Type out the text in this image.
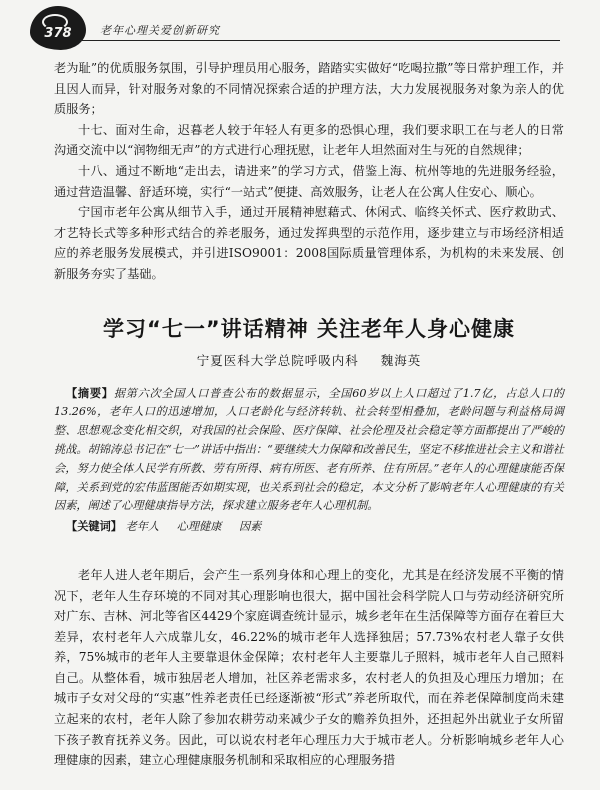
378	老年心理关爱创新研究

老为耻”的优质服务氛围，引导护理员用心服务，踏踏实实做好“吃喝拉撒”等日常护理工作，并且因人而异，针对服务对象的不同情况探索合适的护理方法，大力发展视服务对象为亲人的优质服务；

十七、面对生命，迟暮老人较于年轻人有更多的恐惧心理，我们要求职工在与老人的日常沟通交流中以“润物细无声”的方式进行心理抚慰，让老年人坦然面对生与死的自然规律；

十八、通过不断地“走出去，请进来”的学习方式，借鉴上海、杭州等地的先进服务经验，通过营造温馨、舒适环境，实行“一站式”便捷、高效服务，让老人在公寓人住安心、顺心。

宁国市老年公寓从细节入手，通过开展精神慰藉式、休闲式、临终关怀式、医疗救助式、才艺特长式等多种形式结合的养老服务，通过发挥典型的示范作用，逐步建立与市场经济相适应的养老服务发展模式，并引进ISO9001：2008国际质量管理体系，为机构的未来发展、创新服务夯实了基础。

学习“七一”讲话精神 关注老年人身心健康
宁夏医科大学总院呼吸内科 魏海英
【摘要】据第六次全国人口普查公布的数据显示，全国60岁以上人口超过了1.7亿，占总人口的13.26%，老年人口的迅速增加，人口老龄化与经济转轨、社会转型相叠加，老龄问题与利益格局调整、思想观念变化相交织，对我国的社会保险、医疗保障、社会伦理及社会稳定等方面都提出了严峻的挑战。胡锦涛总书记在“七一”讲话中指出：“要继续大力保障和改善民生，坚定不移推进社会主义和谐社会，努力使全体人民学有所教、劳有所得、病有所医、老有所养、住有所居。”老年人的心理健康能否保障，关系到党的宏伟蓝图能否如期实现，也关系到社会的稳定，本文分析了影响老年人心理健康的有关因素，阐述了心理健康指导方法，探求建立服务老年人心理机制。
【关键词】 老年人 心理健康 因素

老年人进人老年期后，会产生一系列身体和心理上的变化，尤其是在经济发展不平衡的情况下，老年人生存环境的不同对其心理影响也很大，据中国社会科学院人口与劳动经济研究所对广东、吉林、河北等省区4429个家庭调查统计显示，城乡老年在生活保障等方面存在着巨大差异，农村老年人六成靠儿女，46.22%的城市老年人选择独居；57.73%农村老人靠子女供养，75%城市的老年人主要靠退休金保障；农村老年人主要靠儿子照料，城市老年人自己照料自己。从整体看，城市独居老人增加，社区养老需求多，农村老人的负担及心理压力增加；在城市子女对父母的“实惠”性养老责任已经逐渐被“形式”养老所取代，而在养老保障制度尚未建立起来的农村，老年人除了参加农耕劳动来减少子女的赡养负担外，还担起外出就业子女所留下孩子教育抚养义务。因此，可以说农村老年心理压力大于城市老人。分析影响城乡老年人心理健康的因素，建立心理健康服务机制和采取相应的心理服务措
